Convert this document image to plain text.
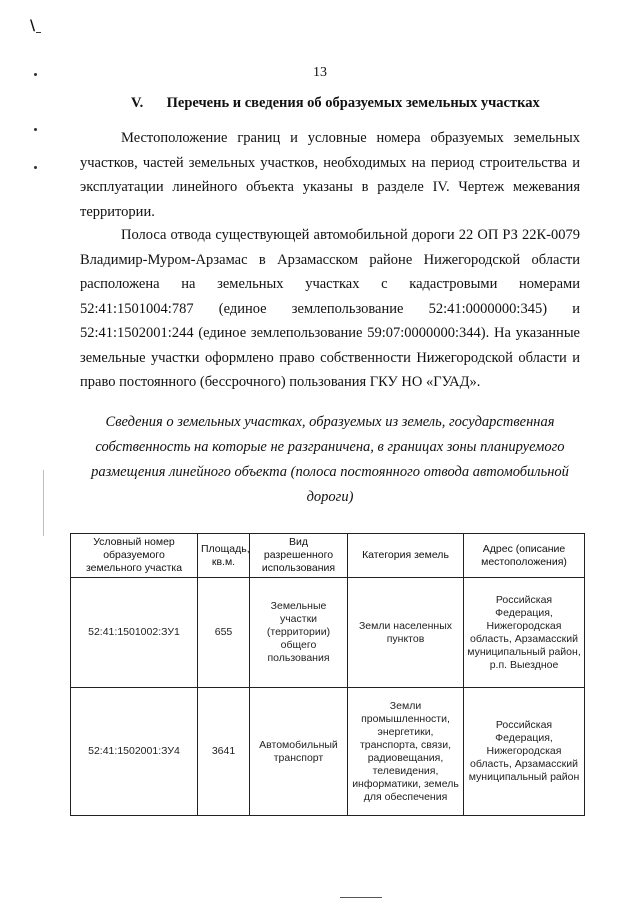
\
13
V. Перечень и сведения об образуемых земельных участках

Местоположение границ и условные номера образуемых земельных участков, частей земельных участков, необходимых на период строительства и эксплуатации линейного объекта указаны в разделе IV. Чертеж межевания территории.

Полоса отвода существующей автомобильной дороги 22 ОП РЗ 22К-0079 Владимир-Муром-Арзамас в Арзамасском районе Нижегородской области расположена на земельных участках с кадастровыми номерами 52:41:1501004:787 (единое землепользование 52:41:0000000:345) и 52:41:1502001:244 (единое землепользование 59:07:0000000:344). На указанные земельные участки оформлено право собственности Нижегородской области и право постоянного (бессрочного) пользования ГКУ НО «ГУАД».

Сведения о земельных участках, образуемых из земель, государственная собственность на которые не разграничена, в границах зоны планируемого размещения линейного объекта (полоса постоянного отвода автомобильной дороги)
Условный номер образуемого земельного участка	Площадь, кв.м.	Вид разрешенного использования	Категория земель	Адрес (описание местоположения)
52:41:1501002:ЗУ1	655	Земельные участки (территории) общего пользования	Земли населенных пунктов	Российская Федерация, Нижегородская область, Арзамасский муниципальный район, р.п. Выездное
52:41:1502001:ЗУ4	3641	Автомобильный транспорт	Земли промышленности, энергетики, транспорта, связи, радиовещания, телевидения, информатики, земель для обеспечения	Российская Федерация, Нижегородская область, Арзамасский муниципальный район
